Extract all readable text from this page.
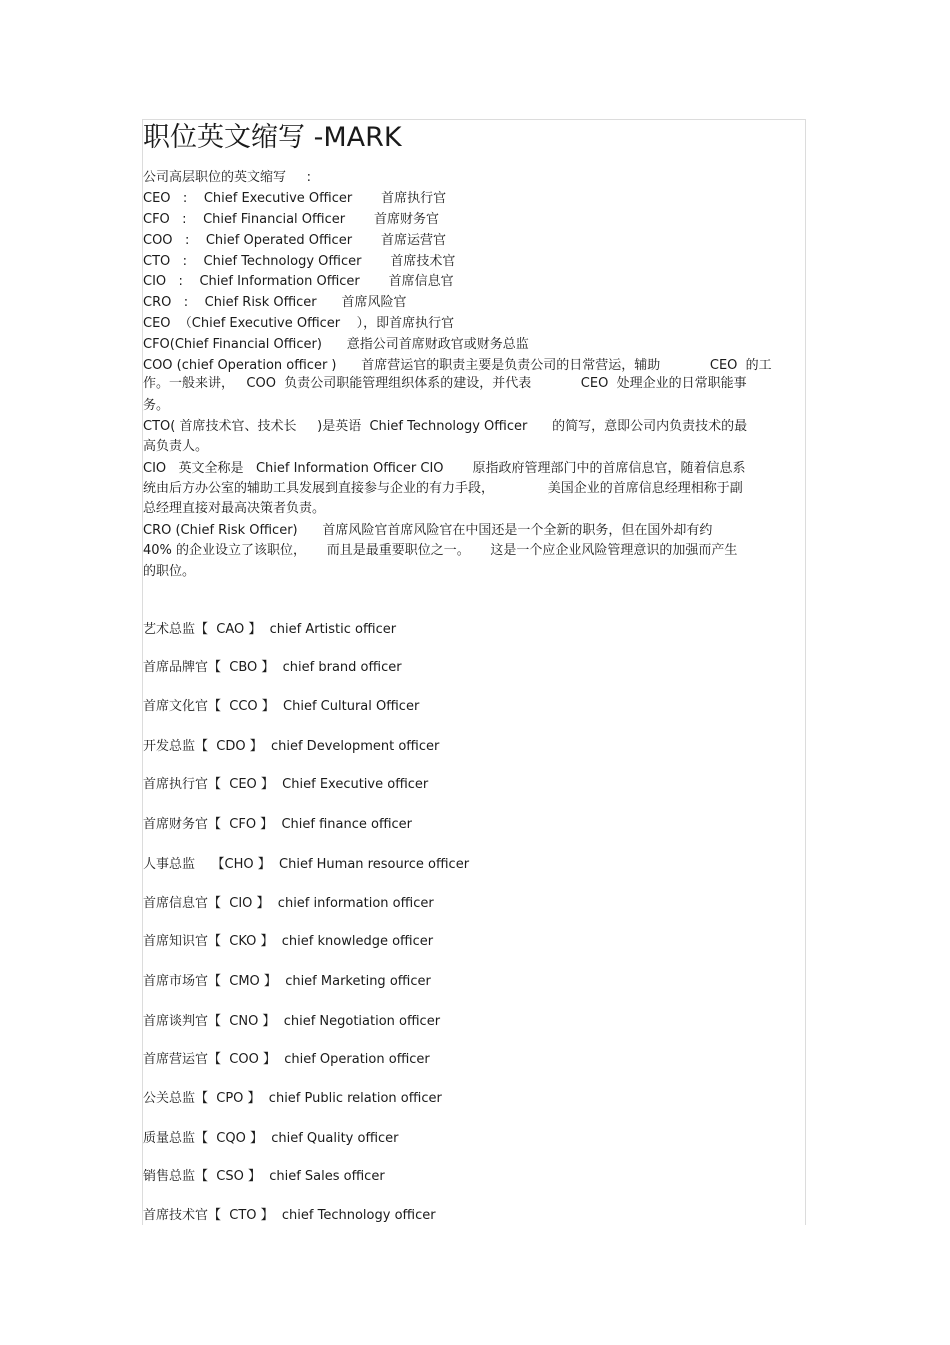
职位英文缩写 -MARK
公司高层职位的英文缩写     :
CEO   :    Chief Executive Officer       首席执行官
CFO   :    Chief Financial Officer       首席财务官
COO   :    Chief Operated Officer       首席运营官
CTO   :    Chief Technology Officer       首席技术官
CIO   :    Chief Information Officer       首席信息官
CRO   :    Chief Risk Officer      首席风险官
CEO  （Chief Executive Officer    ），即首席执行官
CFO(Chief Financial Officer)      意指公司首席财政官或财务总监
COO (chief Operation officer )      首席营运官的职责主要是负责公司的日常营运，辅助            CEO  的工
作。一般来讲，   COO  负责公司职能管理组织体系的建设，并代表            CEO  处理企业的日常职能事
务。
CTO( 首席技术官、技术长     )是英语  Chief Technology Officer      的简写，意即公司内负责技术的最
高负责人。
CIO   英文全称是   Chief Information Officer CIO       原指政府管理部门中的首席信息官，随着信息系
统由后方办公室的辅助工具发展到直接参与企业的有力手段，             美国企业的首席信息经理相称于副
总经理直接对最高决策者负责。
CRO (Chief Risk Officer)      首席风险官首席风险官在中国还是一个全新的职务，但在国外却有约
40% 的企业设立了该职位，     而且是最重要职位之一。     这是一个应企业风险管理意识的加强而产生
的职位。
艺术总监【  CAO 】  chief Artistic officer
首席品牌官【  CBO 】  chief brand officer
首席文化官【  CCO 】  Chief Cultural Officer
开发总监【  CDO 】  chief Development officer
首席执行官【  CEO 】  Chief Executive officer
首席财务官【  CFO 】  Chief finance officer
人事总监    【CHO 】  Chief Human resource officer
首席信息官【  CIO 】  chief information officer
首席知识官【  CKO 】  chief knowledge officer
首席市场官【  CMO 】  chief Marketing officer
首席谈判官【  CNO 】  chief Negotiation officer
首席营运官【  COO 】  chief Operation officer
公关总监【  CPO 】  chief Public relation officer
质量总监【  CQO 】  chief Quality officer
销售总监【  CSO 】  chief Sales officer
首席技术官【  CTO 】  chief Technology officer
